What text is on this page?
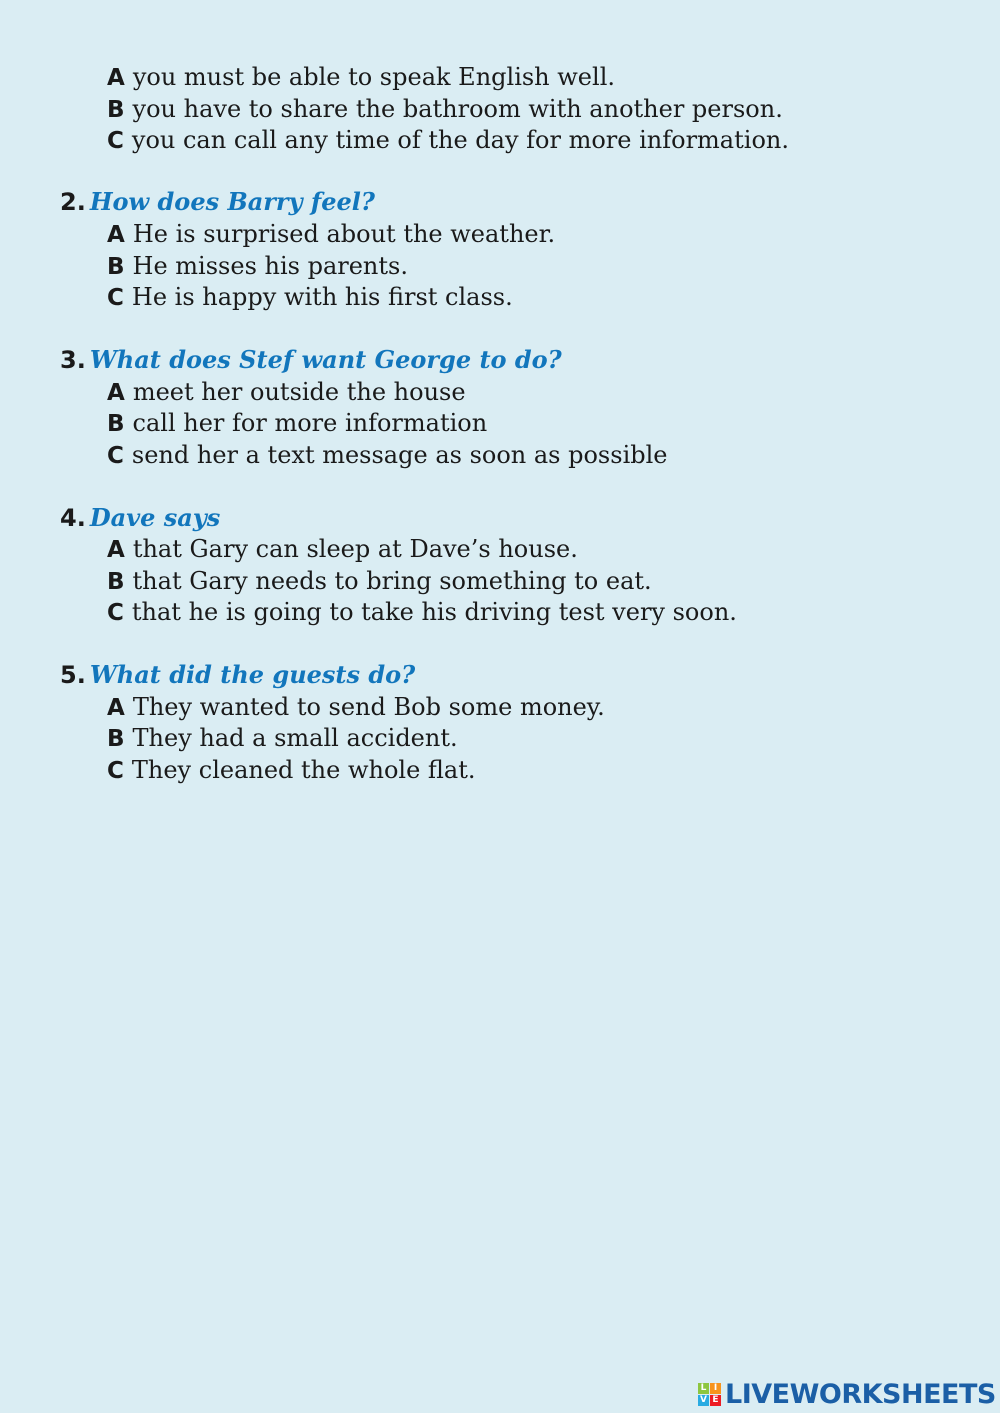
A you must be able to speak English well.
B you have to share the bathroom with another person.
C you can call any time of the day for more information.
2. How does Barry feel?
A He is surprised about the weather.
B He misses his parents.
C He is happy with his first class.
3. What does Stef want George to do?
A meet her outside the house
B call her for more information
C send her a text message as soon as possible
4. Dave says
A that Gary can sleep at Dave’s house.
B that Gary needs to bring something to eat.
C that he is going to take his driving test very soon.
5. What did the guests do?
A They wanted to send Bob some money.
B They had a small accident.
C They cleaned the whole flat.
L I
V E LIVEWORKSHEETS
